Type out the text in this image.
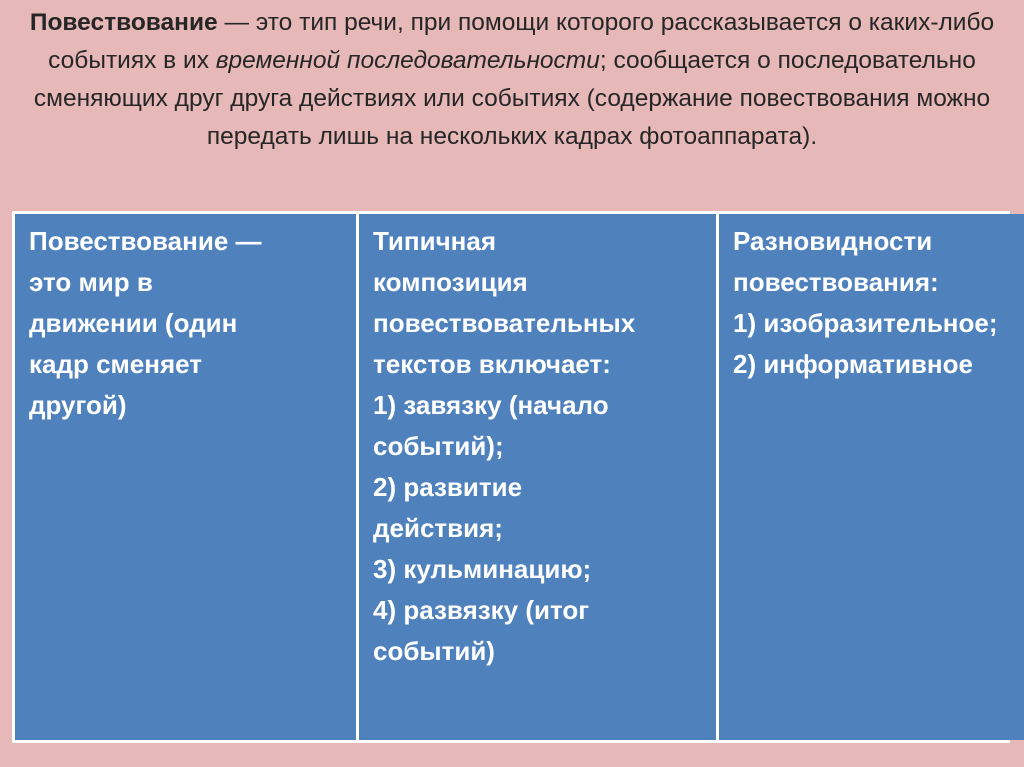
Повествование — это тип речи, при помощи которого рассказывается о каких-либо событиях в их временной последовательности; сообщается о последовательно сменяющих друг друга действиях или событиях (содержание повествования можно передать лишь на нескольких кадрах фотоаппарата).
Повествование —
это мир в
движении (один
кадр сменяет
другой)	Типичная
композиция
повествовательных
текстов включает:
1) завязку (начало
событий);
2) развитие
действия;
3) кульминацию;
4) развязку (итог
событий)	Разновидности
повествования:
1) изобразительное;
2) информативное
